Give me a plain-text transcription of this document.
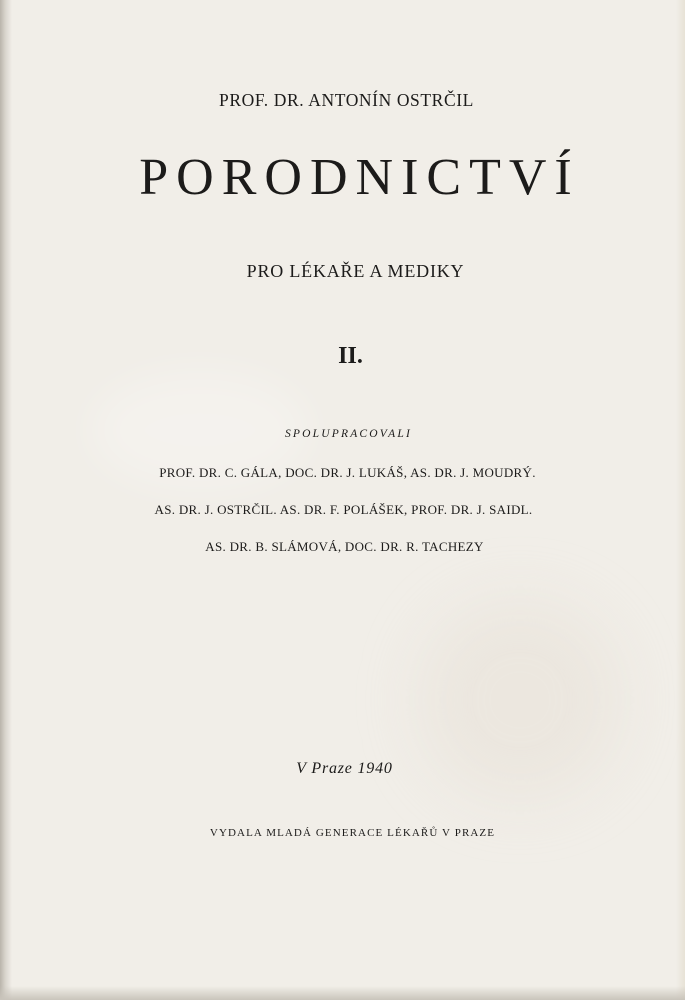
PROF. DR. ANTONÍN OSTRČIL
PORODNICTVÍ
PRO LÉKAŘE A MEDIKY
II.
SPOLUPRACOVALI
PROF. DR. C. GÁLA, DOC. DR. J. LUKÁŠ, AS. DR. J. MOUDRÝ.
AS. DR. J. OSTRČIL. AS. DR. F. POLÁŠEK, PROF. DR. J. SAIDL.
AS. DR. B. SLÁMOVÁ, DOC. DR. R. TACHEZY
V Praze 1940
VYDALA MLADÁ GENERACE LÉKAŘŮ V PRAZE
